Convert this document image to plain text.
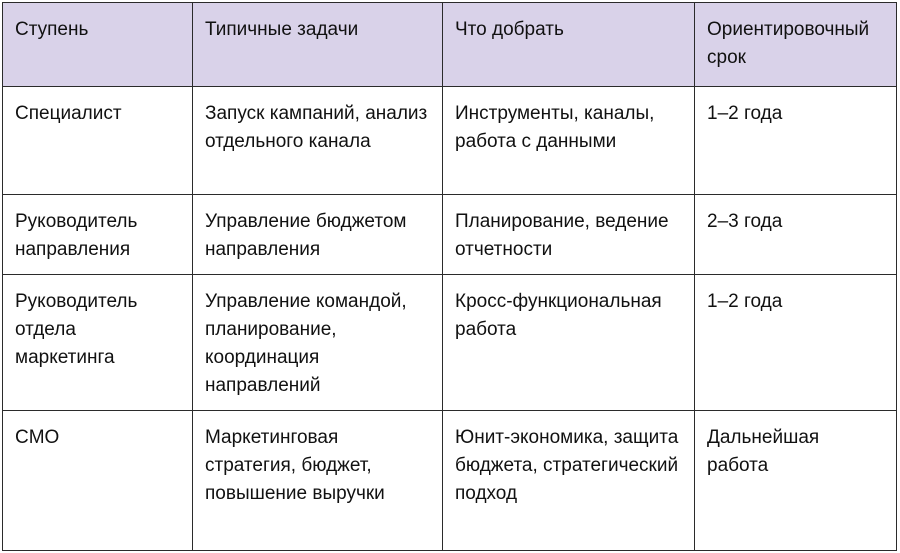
Ступень	Типичные задачи	Что добрать	Ориентировочный срок
Специалист	Запуск кампаний, анализ отдельного канала	Инструменты, каналы, работа с данными	1–2 года
Руководитель направления	Управление бюджетом направления	Планирование, ведение отчетности	2–3 года
Руководитель отдела маркетинга	Управление командой, планирование, координация направлений	Кросс-функциональная работа	1–2 года
CMO	Маркетинговая стратегия, бюджет, повышение выручки	Юнит-экономика, защита бюджета, стратегический подход	Дальнейшая работа
